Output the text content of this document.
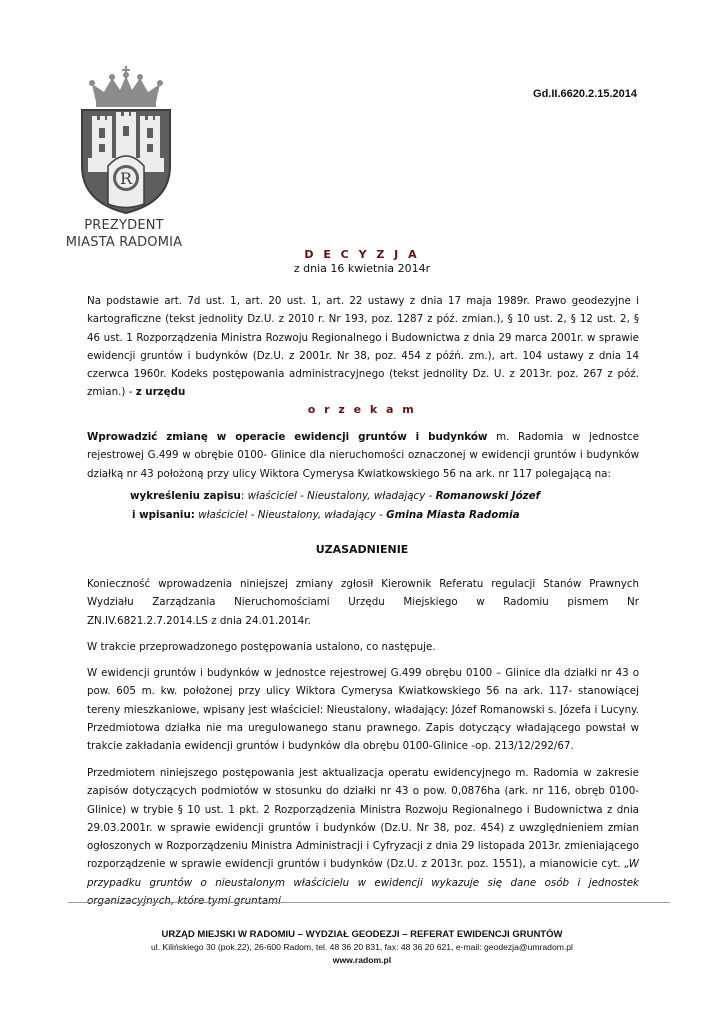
R
PREZYDENT
MIASTA RADOMIA
Gd.II.6620.2.15.2014
D E C Y Z J A
z dnia 16 kwietnia 2014r
Na podstawie art. 7d ust. 1, art. 20 ust. 1, art. 22 ustawy z dnia 17 maja 1989r. Prawo geodezyjne i kartograficzne (tekst jednolity Dz.U. z 2010 r. Nr 193, poz. 1287 z póź. zmian.), § 10 ust. 2, § 12 ust. 2, § 46 ust. 1 Rozporządzenia Ministra Rozwoju Regionalnego i Budownictwa z dnia 29 marca 2001r. w sprawie ewidencji gruntów i budynków (Dz.U. z 2001r. Nr 38, poz. 454 z późń. zm.), art. 104 ustawy z dnia 14 czerwca 1960r. Kodeks postępowania administracyjnego (tekst jednolity Dz. U. z 2013r. poz. 267 z póź. zmian.) - z urzędu
o r z e k a m
Wprowadzić zmianę w operacie ewidencji gruntów i budynków m. Radomia w jednostce rejestrowej G.499 w obrębie 0100- Glinice dla nieruchomości oznaczonej w ewidencji gruntów i budynków działką nr 43 położoną przy ulicy Wiktora Cymerysa Kwiatkowskiego 56 na ark. nr 117 polegającą na:
wykreśleniu zapisu: właściciel - Nieustalony, władający - Romanowski Józef
i wpisaniu: właściciel - Nieustalony, władający - Gmina Miasta Radomia
UZASADNIENIE
Konieczność wprowadzenia niniejszej zmiany zgłosił Kierownik Referatu regulacji Stanów Prawnych Wydziału Zarządzania Nieruchomościami Urzędu Miejskiego w Radomiu pismem Nr ZN.IV.6821.2.7.2014.LS z dnia 24.01.2014r.
W trakcie przeprowadzonego postępowania ustalono, co następuje.
W ewidencji gruntów i budynków w jednostce rejestrowej G.499 obrębu 0100 – Glinice dla działki nr 43 o pow. 605 m. kw. położonej przy ulicy Wiktora Cymerysa Kwiatkowskiego 56 na ark. 117- stanowiącej tereny mieszkaniowe, wpisany jest właściciel: Nieustalony, władający: Józef Romanowski s. Józefa i Lucyny. Przedmiotowa działka nie ma uregulowanego stanu prawnego. Zapis dotyczący władającego powstał w trakcie zakładania ewidencji gruntów i budynków dla obrębu 0100-Glinice -op. 213/12/292/67.
Przedmiotem niniejszego postępowania jest aktualizacja operatu ewidencyjnego m. Radomia w zakresie zapisów dotyczących podmiotów w stosunku do działki nr 43 o pow. 0,0876ha (ark. nr 116, obręb 0100-Glinice) w trybie § 10 ust. 1 pkt. 2 Rozporządzenia Ministra Rozwoju Regionalnego i Budownictwa z dnia 29.03.2001r. w sprawie ewidencji gruntów i budynków (Dz.U. Nr 38, poz. 454) z uwzględnieniem zmian ogłoszonych w Rozporządzeniu Ministra Administracji i Cyfryzacji z dnia 29 listopada 2013r. zmieniającego rozporządzenie w sprawie ewidencji gruntów i budynków (Dz.U. z 2013r. poz. 1551), a mianowicie cyt. „W przypadku gruntów o nieustalonym właścicielu w ewidencji wykazuje się dane osób i jednostek organizacyjnych, które tymi gruntami
URZĄD MIEJSKI W RADOMIU – WYDZIAŁ GEODEZJI – REFERAT EWIDENCJI GRUNTÓW
ul. Kilińskiego 30 (pok.22), 26-600 Radom, tel. 48 36 20 831, fax: 48 36 20 621, e-mail: geodezja@umradom.pl
www.radom.pl
